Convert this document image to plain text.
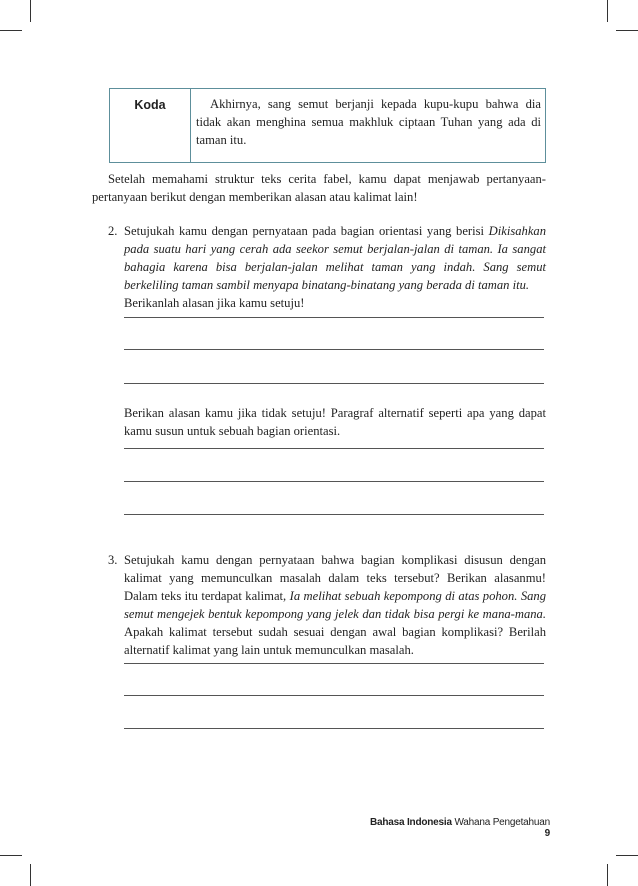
Koda	Akhirnya, sang semut berjanji kepada kupu-kupu bahwa dia tidak akan menghina semua makhluk ciptaan Tuhan yang ada di taman itu.
Setelah memahami struktur teks cerita fabel, kamu dapat menjawab pertanyaan-
pertanyaan berikut dengan memberikan alasan atau kalimat lain!
2. Setujukah kamu dengan pernyataan pada bagian orientasi yang berisi Dikisahkan pada suatu hari yang cerah ada seekor semut berjalan-jalan di taman. Ia sangat bahagia karena bisa berjalan-jalan melihat taman yang indah. Sang semut berkeliling taman sambil menyapa binatang-binatang yang berada di taman itu.
Berikanlah alasan jika kamu setuju!
Berikan alasan kamu jika tidak setuju! Paragraf alternatif seperti apa yang dapat kamu susun untuk sebuah bagian orientasi.
3. Setujukah kamu dengan pernyataan bahwa bagian komplikasi disusun dengan kalimat yang memunculkan masalah dalam teks tersebut? Berikan alasanmu! Dalam teks itu terdapat kalimat, Ia melihat sebuah kepompong di atas pohon. Sang semut mengejek bentuk kepompong yang jelek dan tidak bisa pergi ke mana-mana. Apakah kalimat tersebut sudah sesuai dengan awal bagian komplikasi? Berilah alternatif kalimat yang lain untuk memunculkan masalah.
Bahasa Indonesia Wahana Pengetahuan 9
